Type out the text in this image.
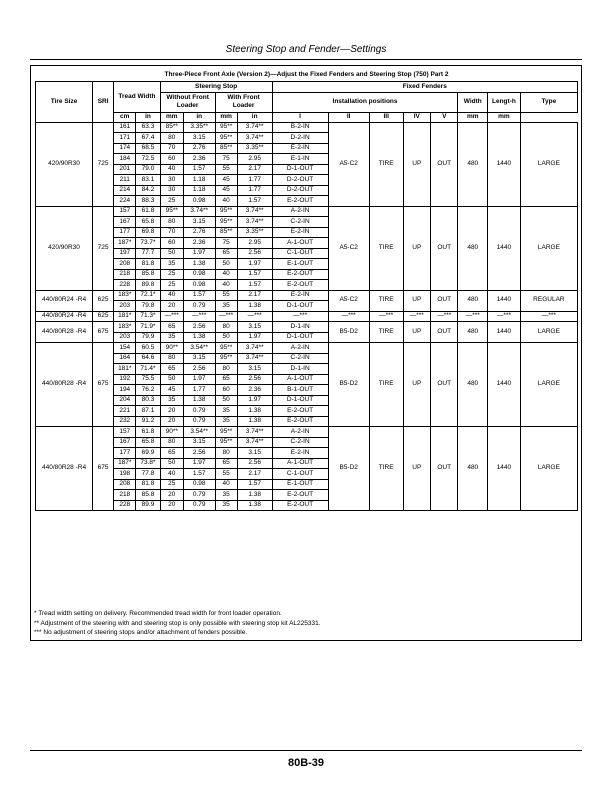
Steering Stop and Fender—Settings
Three-Piece Front Axle (Version 2)—Adjust the Fixed Fenders and Steering Stop (750) Part 2															
Tire Size	SRI	Tread Width		Steering Stop				Fixed Fenders							
				Without Front Loader		With Front Loader		Installation positions					Width	Lengt-h	Type
		cm	in	mm	in	mm	in	I	II	III	IV	V	mm	mm	
420/90R30	725	161	63.3	85**	3.35**	95**	3.74**	B-2-IN	A5-C2	TIRE	UP	OUT	480	1440	LARGE
		171	67.4	80	3.15	95**	3.74**	D-2-IN							
		174	68.5	70	2.76	85**	3.35**	E-2-IN							
		184	72.5	60	2.36	75	2.95	E-1-IN							
		201	79.0	40	1.57	55	2.17	D-1-OUT							
		211	83.1	30	1.18	45	1.77	D-2-OUT							
		214	84.2	30	1.18	45	1.77	D-2-OUT							
		224	88.3	25	0.98	40	1.57	E-2-OUT							
420/90R30	725	157	61.8	95**	3.74**	95**	3.74**	A-2-IN	A5-C2	TIRE	UP	OUT	480	1440	LARGE
		167	65.8	80	3.15	95**	3.74**	C-2-IN							
		177	69.8	70	2.76	85**	3.35**	E-2-IN							
		187*	73.7*	60	2.36	75	2.95	A-1-OUT							
		197	77.7	50	1.97	65	2.56	C-1-OUT							
		208	81.8	35	1.38	50	1.97	E-1-OUT							
		218	85.8	25	0.98	40	1.57	E-2-OUT							
		228	89.8	25	0.98	40	1.57	E-2-OUT							
440/80R24 -R4	625	183*	72.1*	40	1.57	55	2.17	E-2-IN	A5-C2	TIRE	UP	OUT	480	1440	REGULAR
		203	79.8	20	0.79	35	1.38	D-1-OUT							
440/80R24 -R4	625	181*	71.3*	—***	—***	—***	—***	—***	—***	—***	—***	—***	—***	—***	—***
440/80R28 -R4	675	183*	71.9*	65	2.56	80	3.15	D-1-IN	B5-D2	TIRE	UP	OUT	480	1440	LARGE
		203	79.9	35	1.38	50	1.97	D-1-OUT							
440/80R28 -R4	675	154	60.5	90**	3.54**	95**	3.74**	A-2-IN	B5-D2	TIRE	UP	OUT	480	1440	LARGE
		164	64.6	80	3.15	95**	3.74**	C-2-IN							
		181*	71.4*	65	2.56	80	3.15	D-1-IN							
		192	75.5	50	1.97	65	2.56	A-1-OUT							
		194	76.2	45	1.77	60	2.36	B-1-OUT							
		204	80.3	35	1.38	50	1.97	D-1-OUT							
		221	87.1	20	0.79	35	1.38	E-2-OUT							
		232	91.2	20	0.79	35	1.38	E-2-OUT							
440/80R28 -R4	675	157	61.8	90**	3.54**	95**	3.74**	A-2-IN	B5-D2	TIRE	UP	OUT	480	1440	LARGE
		167	65.8	80	3.15	95**	3.74**	C-2-IN							
		177	69.9	65	2.56	80	3.15	E-2-IN							
		187*	73.8*	50	1.97	65	2.56	A-1-OUT							
		198	77.8	40	1.57	55	2.17	C-1-OUT							
		208	81.8	25	0.98	40	1.57	E-1-OUT							
		218	85.8	20	0.79	35	1.38	E-2-OUT							
		228	89.9	20	0.79	35	1.38	E-2-OUT							
* Tread width setting on delivery. Recommended tread width for front loader operation.
** Adjustment of the steering with and steering stop is only possible with steering stop kit AL225331.
*** No adjustment of steering stops and/or attachment of fenders possible.
80B-39
